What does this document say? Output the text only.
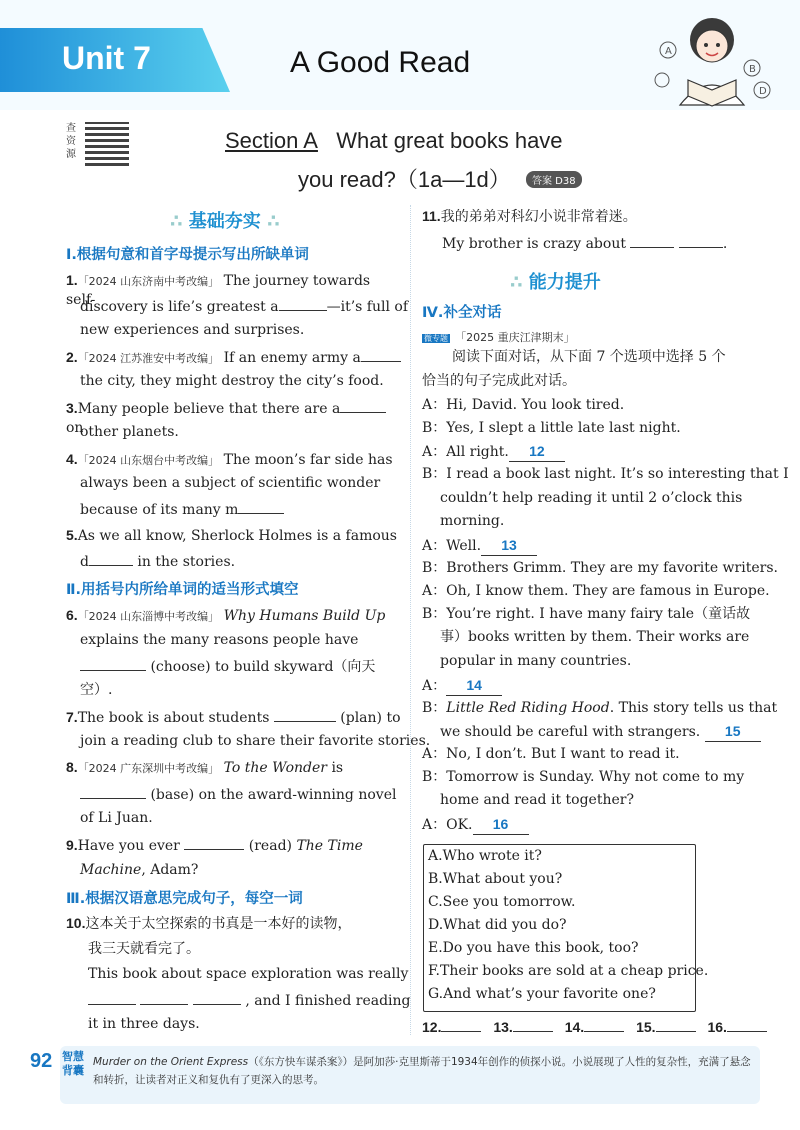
Unit 7	A Good Read	A
B
D
查资源
Section A What great books have
you read?（1a—1d）	答案 D38
∴ 基础夯实 ∴
Ⅰ.根据句意和首字母提示写出所缺单词
1.「2024 山东济南中考改编」 The journey towards self-
discovery is life’s greatest a	—it’s full of
new experiences and surprises.
2.「2024 江苏淮安中考改编」 If an enemy army a
the city, they might destroy the city’s food.
3.Many people believe that there are a on
other planets.
4.「2024 山东烟台中考改编」 The moon’s far side has
always been a subject of scientific wonder
because of its many m
5.As we all know, Sherlock Holmes is a famous
d	in the stories.
Ⅱ.用括号内所给单词的适当形式填空
6.「2024 山东淄博中考改编」 Why Humans Build Up
explains the many reasons people have
(choose) to build skyward（向天
空）.
7.The book is about students	(plan) to
join a reading club to share their favorite stories.
8.「2024 广东深圳中考改编」 To the Wonder is
(base) on the award-winning novel
of Li Juan.
9.Have you ever	(read) The Time
Machine, Adam?
Ⅲ.根据汉语意思完成句子，每空一词
10.这本关于太空探索的书真是一本好的读物，
我三天就看完了。
This book about space exploration was really
, and I finished reading
it in three days.
11.我的弟弟对科幻小说非常着迷。
My brother is crazy about	.
∴ 能力提升
Ⅳ.补全对话
微专题 「2025 重庆江津期末」
阅读下面对话，从下面 7 个选项中选择 5 个
恰当的句子完成此对话。
A：Hi, David. You look tired.
B：Yes, I slept a little late last night.
A：All right. 12
B：I read a book last night. It’s so interesting that I
couldn’t help reading it until 2 o’clock this
morning.
A：Well. 13
B：Brothers Grimm. They are my favorite writers.
A：Oh, I know them. They are famous in Europe.
B：You’re right. I have many fairy tale（童话故
事）books written by them. Their works are
popular in many countries.
A： 14
B：Little Red Riding Hood. This story tells us that
we should be careful with strangers. 15
A：No, I don’t. But I want to read it.
B：Tomorrow is Sunday. Why not come to my
home and read it together?
A：OK. 16
A.Who wrote it?
B.What about you?
C.See you tomorrow.
D.What did you do?
E.Do you have this book, too?
F.Their books are sold at a cheap price.
G.And what’s your favorite one?
12.	13.	14.	15.	16.
92 智慧背囊
Murder on the Orient Express（《东方快车谋杀案》）是阿加莎·克里斯蒂于1934年创作的侦探小说。小说展现了人性的复杂性，充满了悬念和转折，让读者对正义和复仇有了更深入的思考。
